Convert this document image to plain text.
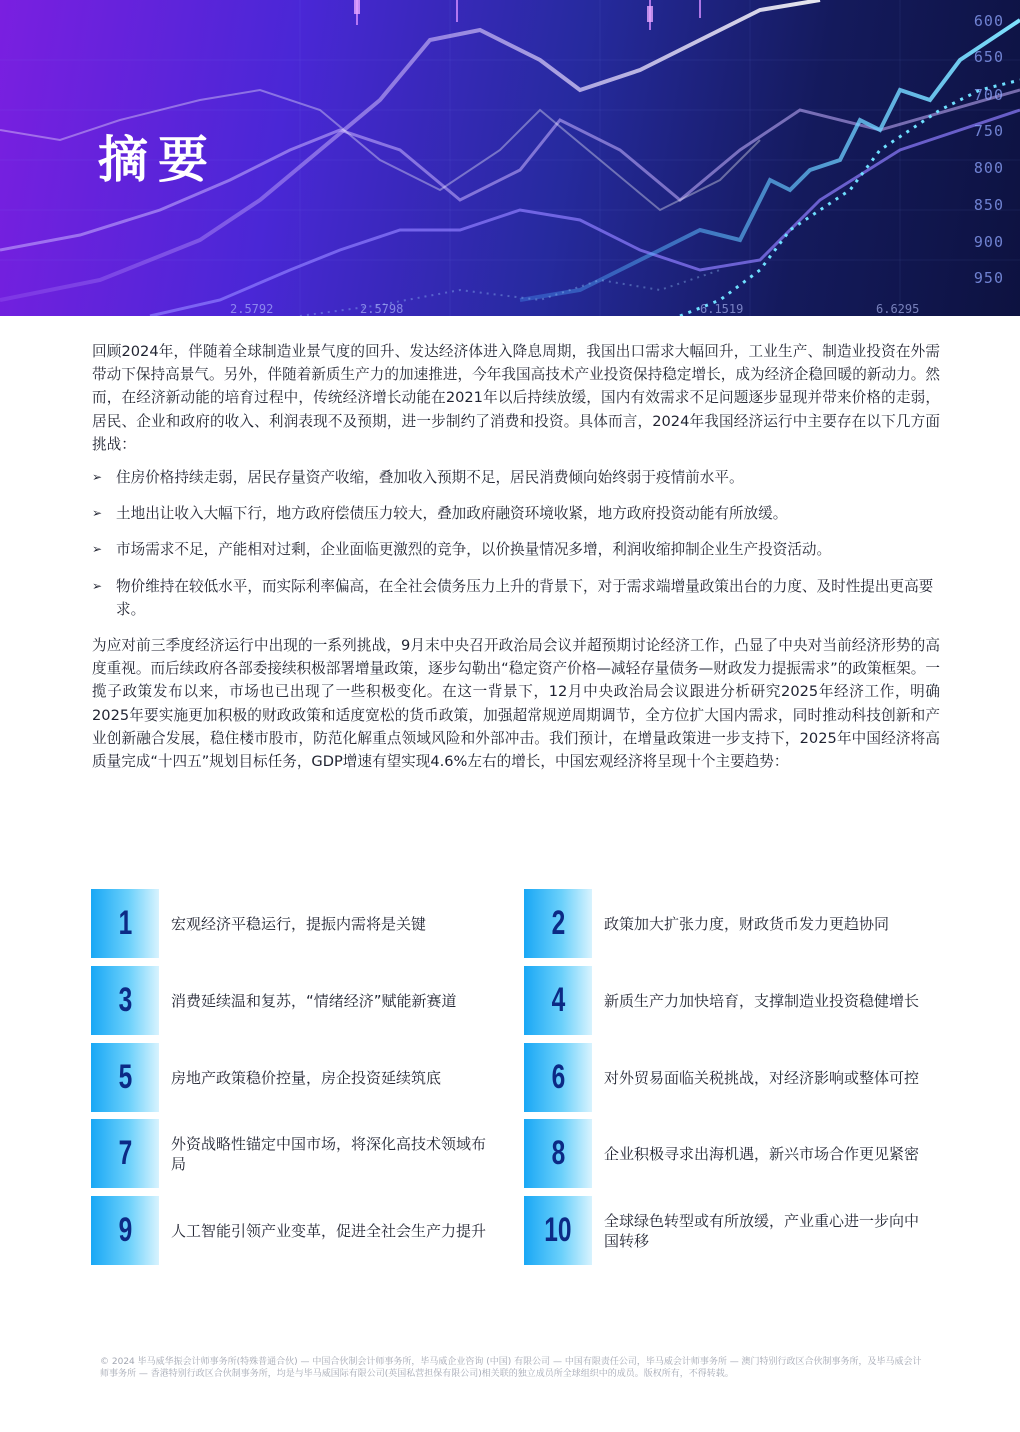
摘要
600
650
700
750
800
850
900
950
2.5792	2.5798	6.1519	6.6295

回顾2024年，伴随着全球制造业景气度的回升、发达经济体进入降息周期，我国出口需求大幅回升，工业生产、制造业投资在外需带动下保持高景气。另外，伴随着新质生产力的加速推进，今年我国高技术产业投资保持稳定增长，成为经济企稳回暖的新动力。然而，在经济新动能的培育过程中，传统经济增长动能在2021年以后持续放缓，国内有效需求不足问题逐步显现并带来价格的走弱，居民、企业和政府的收入、利润表现不及预期，进一步制约了消费和投资。具体而言，2024年我国经济运行中主要存在以下几方面挑战：

➢ 住房价格持续走弱，居民存量资产收缩，叠加收入预期不足，居民消费倾向始终弱于疫情前水平。
➢ 土地出让收入大幅下行，地方政府偿债压力较大，叠加政府融资环境收紧，地方政府投资动能有所放缓。
➢ 市场需求不足，产能相对过剩，企业面临更激烈的竞争，以价换量情况多增，利润收缩抑制企业生产投资活动。
➢ 物价维持在较低水平，而实际利率偏高，在全社会债务压力上升的背景下，对于需求端增量政策出台的力度、及时性提出更高要求。

为应对前三季度经济运行中出现的一系列挑战，9月末中央召开政治局会议并超预期讨论经济工作，凸显了中央对当前经济形势的高度重视。而后续政府各部委接续积极部署增量政策，逐步勾勒出“稳定资产价格—减轻存量债务—财政发力提振需求”的政策框架。一揽子政策发布以来，市场也已出现了一些积极变化。在这一背景下，12月中央政治局会议跟进分析研究2025年经济工作，明确2025年要实施更加积极的财政政策和适度宽松的货币政策，加强超常规逆周期调节，全方位扩大国内需求，同时推动科技创新和产业创新融合发展，稳住楼市股市，防范化解重点领域风险和外部冲击。我们预计，在增量政策进一步支持下，2025年中国经济将高质量完成“十四五”规划目标任务，GDP增速有望实现4.6%左右的增长，中国宏观经济将呈现十个主要趋势：

1	宏观经济平稳运行，提振内需将是关键	2	政策加大扩张力度，财政货币发力更趋协同
3	消费延续温和复苏，“情绪经济”赋能新赛道	4	新质生产力加快培育，支撑制造业投资稳健增长
5	房地产政策稳价控量，房企投资延续筑底	6	对外贸易面临关税挑战，对经济影响或整体可控
7	外资战略性锚定中国市场，将深化高技术领域布局	8	企业积极寻求出海机遇，新兴市场合作更见紧密
9	人工智能引领产业变革，促进全社会生产力提升 10 全球绿色转型或有所放缓，产业重心进一步向中国转移
© 2024 毕马威华振会计师事务所(特殊普通合伙) — 中国合伙制会计师事务所，毕马威企业咨询 (中国) 有限公司 — 中国有限责任公司，毕马威会计师事务所 — 澳门特别行政区合伙制事务所，及毕马威会计师事务所 — 香港特别行政区合伙制事务所，均是与毕马威国际有限公司(英国私营担保有限公司)相关联的独立成员所全球组织中的成员。版权所有，不得转载。
